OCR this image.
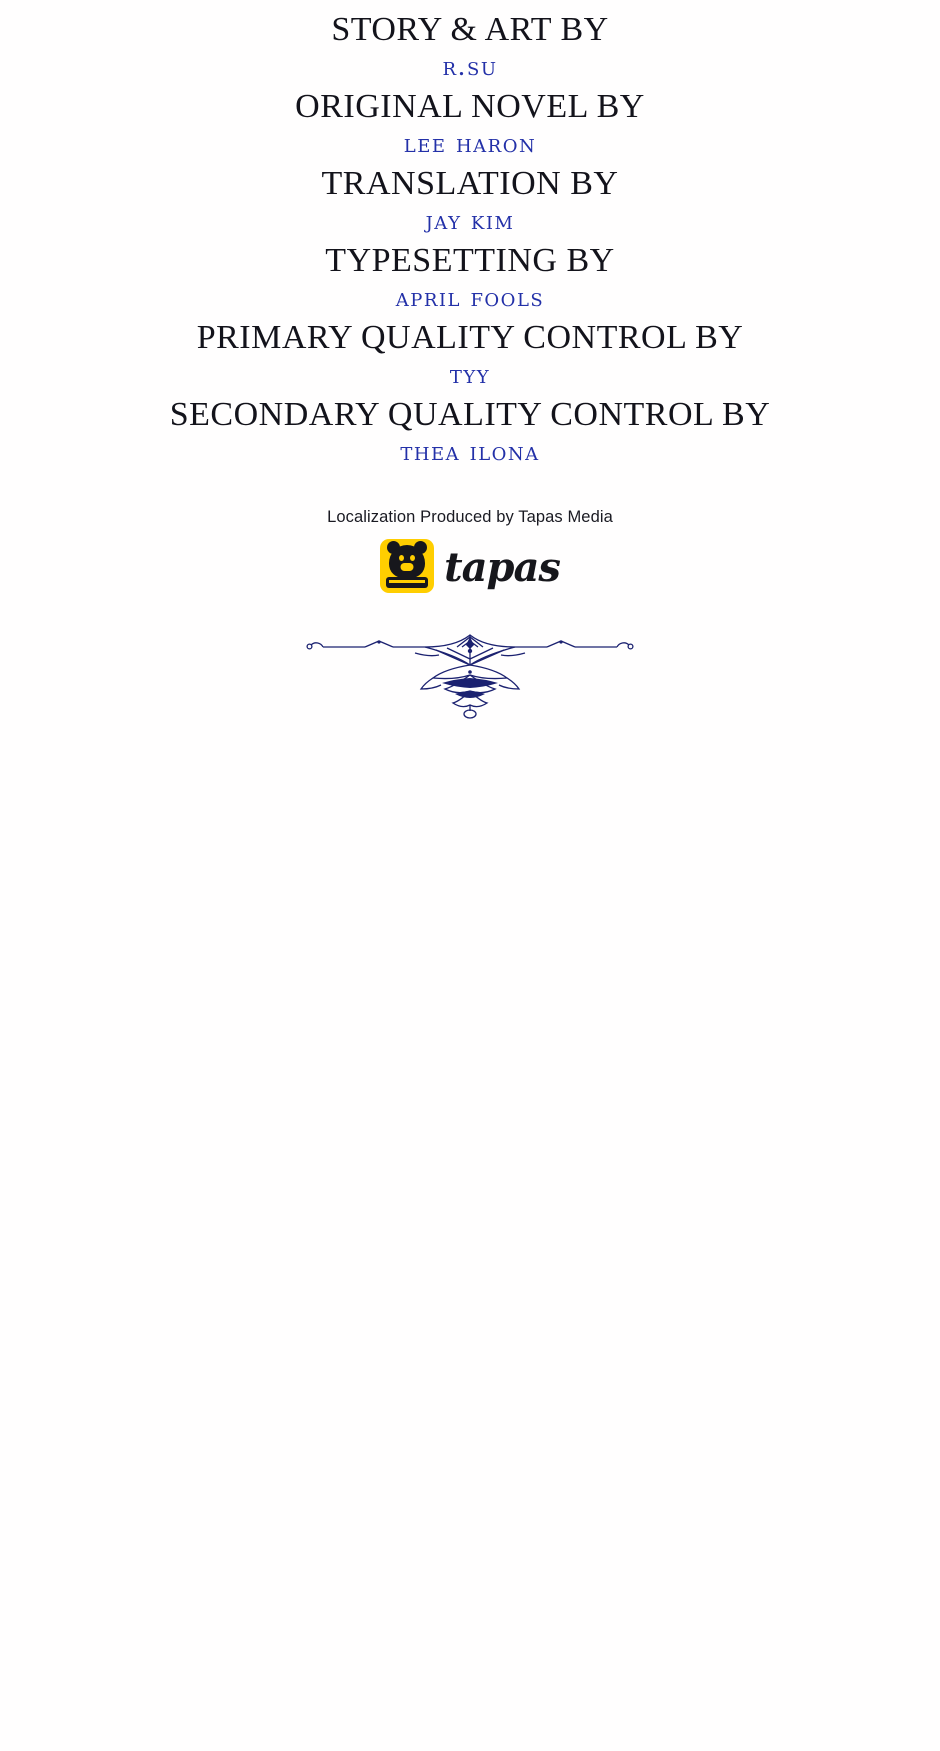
STORY & ART BY
r.su
ORIGINAL NOVEL BY
lee haron
TRANSLATION BY
jay kim
TYPESETTING BY
april fools
PRIMARY QUALITY CONTROL BY
tyy
SECONDARY QUALITY CONTROL BY
thea ilona
Localization Produced by Tapas Media
tapas
